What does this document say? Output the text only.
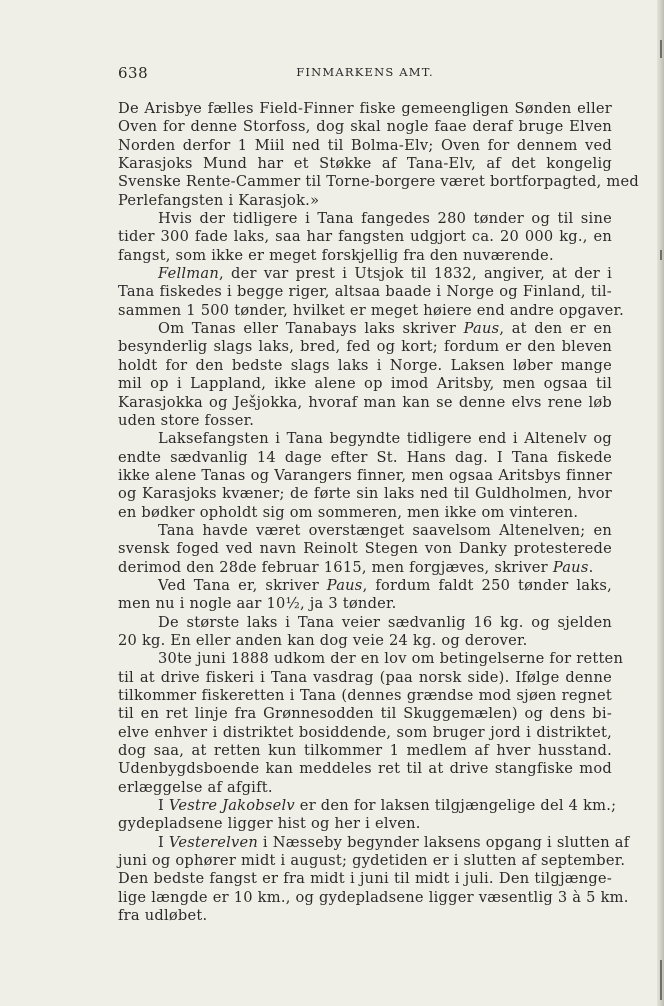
638	FINMARKENS AMT.
De Arisbye fælles Field-Finner fiske gemeengligen Sønden eller
Oven for denne Storfoss, dog skal nogle faae deraf bruge Elven
Norden derfor 1 Miil ned til Bolma-Elv; Oven for dennem ved
Karasjoks Mund har et Støkke af Tana-Elv, af det kongelig
Svenske Rente-Cammer til Torne-borgere været bortforpagted, med
Perlefangsten i Karasjok.»
Hvis der tidligere i Tana fangedes 280 tønder og til sine
tider 300 fade laks, saa har fangsten udgjort ca. 20 000 kg., en
fangst, som ikke er meget forskjellig fra den nuværende.
Fellman, der var prest i Utsjok til 1832, angiver, at der i
Tana fiskedes i begge riger, altsaa baade i Norge og Finland, til-
sammen 1 500 tønder, hvilket er meget høiere end andre opgaver.
Om Tanas eller Tanabays laks skriver Paus, at den er en
besynderlig slags laks, bred, fed og kort; fordum er den bleven
holdt for den bedste slags laks i Norge. Laksen løber mange
mil op i Lappland, ikke alene op imod Aritsby, men ogsaa til
Karasjokka og Ješjokka, hvoraf man kan se denne elvs rene løb
uden store fosser.
Laksefangsten i Tana begyndte tidligere end i Altenelv og
endte sædvanlig 14 dage efter St. Hans dag. I Tana fiskede
ikke alene Tanas og Varangers finner, men ogsaa Aritsbys finner
og Karasjoks kvæner; de førte sin laks ned til Guldholmen, hvor
en bødker opholdt sig om sommeren, men ikke om vinteren.
Tana havde været overstænget saavelsom Altenelven; en
svensk foged ved navn Reinolt Stegen von Danky protesterede
derimod den 28de februar 1615, men forgjæves, skriver Paus.
Ved Tana er, skriver Paus, fordum faldt 250 tønder laks,
men nu i nogle aar 10½, ja 3 tønder.
De største laks i Tana veier sædvanlig 16 kg. og sjelden
20 kg. En eller anden kan dog veie 24 kg. og derover.
30te juni 1888 udkom der en lov om betingelserne for retten
til at drive fiskeri i Tana vasdrag (paa norsk side). Ifølge denne
tilkommer fiskeretten i Tana (dennes grændse mod sjøen regnet
til en ret linje fra Grønnesodden til Skuggemælen) og dens bi-
elve enhver i distriktet bosiddende, som bruger jord i distriktet,
dog saa, at retten kun tilkommer 1 medlem af hver husstand.
Udenbygdsboende kan meddeles ret til at drive stangfiske mod
erlæggelse af afgift.
I Vestre Jakobselv er den for laksen tilgjængelige del 4 km.;
gydepladsene ligger hist og her i elven.
I Vesterelven i Næsseby begynder laksens opgang i slutten af
juni og ophører midt i august; gydetiden er i slutten af september.
Den bedste fangst er fra midt i juni til midt i juli. Den tilgjænge-
lige længde er 10 km., og gydepladsene ligger væsentlig 3 à 5 km.
fra udløbet.
